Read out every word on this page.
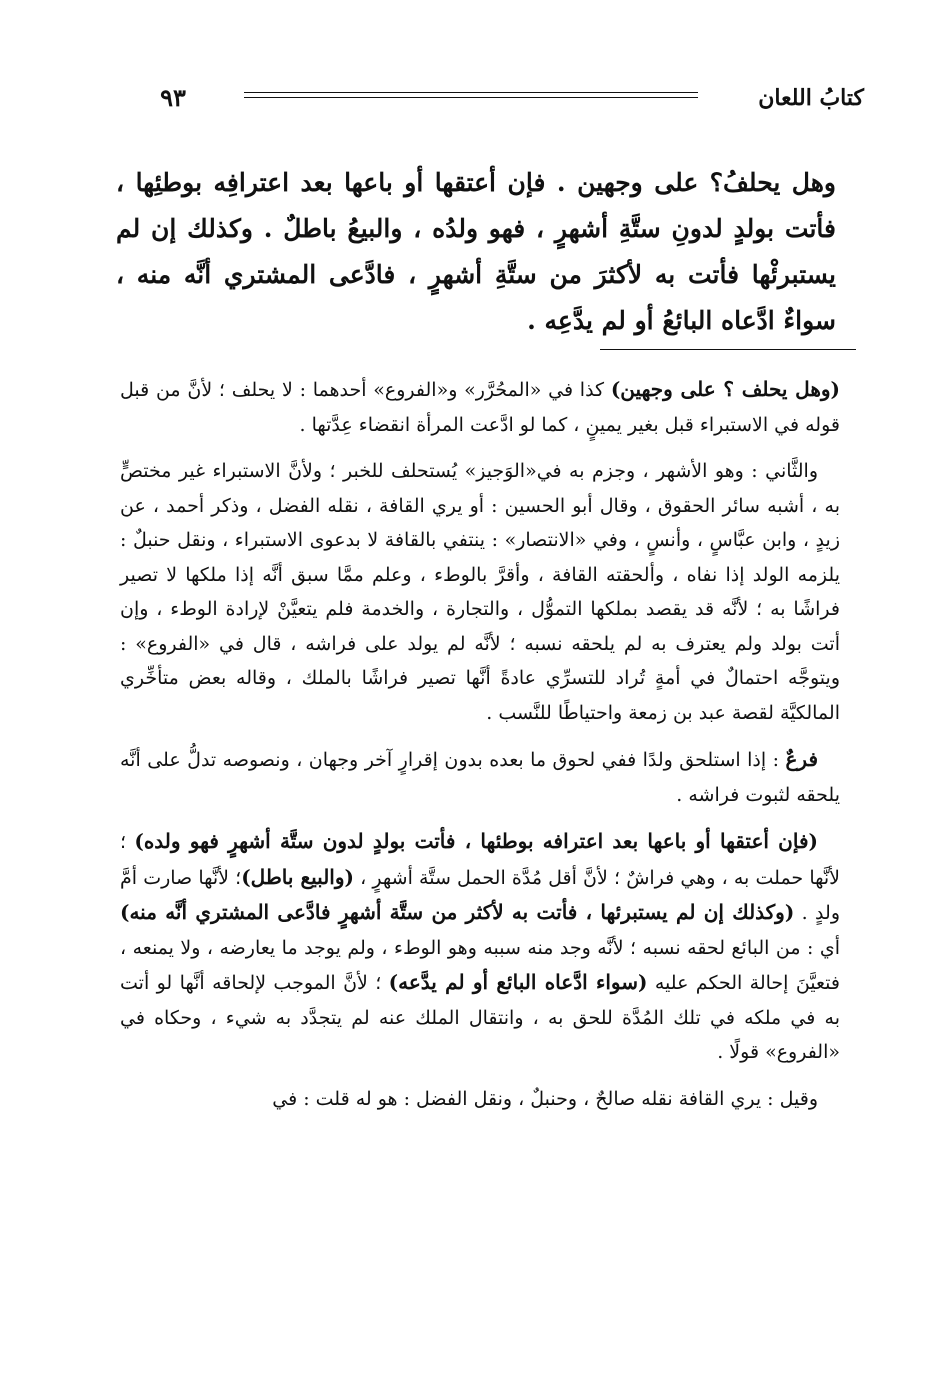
كتابُ اللعان
٩٣
وهل يحلفُ؟ على وجهين . فإن أعتقها أو باعها بعد اعترافِه بوطئِها ، فأتت بولدٍ لدونِ ستَّةِ أشهرٍ ، فهو ولدُه ، والبيعُ باطلٌ . وكذلك إن لم يستبرئْها فأتت به لأكثرَ من ستَّةِ أشهرٍ ، فادَّعى المشتري أنَّه منه ، سواءٌ ادَّعاه البائعُ أو لم يدَّعِه .

(وهل يحلف ؟ على وجهين) كذا في «المحُرَّر» و«الفروع» أحدهما : لا يحلف ؛ لأنَّ من قبل قوله في الاستبراء قبل بغير يمينٍ ، كما لو ادَّعت المرأة انقضاء عِدَّتها .

والثَّاني : وهو الأشهر ، وجزم به في«الوَجيز» يُستحلف للخبر ؛ ولأنَّ الاستبراء غير مختصٍّ به ، أشبه سائر الحقوق ، وقال أبو الحسين : أو يري القافة ، نقله الفضل ، وذكر أحمد ، عن زيدٍ ، وابن عبَّاسٍ ، وأنسٍ ، وفي «الانتصار» : ينتفي بالقافة لا بدعوى الاستبراء ، ونقل حنبلٌ : يلزمه الولد إذا نفاه ، وألحقته القافة ، وأقرَّ بالوطء ، وعلم ممَّا سبق أنَّه إذا ملكها لا تصير فراشًا به ؛ لأنَّه قد يقصد بملكها التموُّل ، والتجارة ، والخدمة فلم يتعيَّنْ لإرادة الوطء ، وإن أتت بولد ولم يعترف به لم يلحقه نسبه ؛ لأنَّه لم يولد على فراشه ، قال في «الفروع» : ويتوجَّه احتمالٌ في أمةٍ تُراد للتسرِّي عادةً أنَّها تصير فراشًا بالملك ، وقاله بعض متأخِّري المالكيَّة لقصة عبد بن زمعة واحتياطًا للنَّسب .

فرعٌ : إذا استلحق ولدًا ففي لحوق ما بعده بدون إقرارٍ آخر وجهان ، ونصوصه تدلُّ على أنَّه يلحقه لثبوت فراشه .

(فإن أعتقها أو باعها بعد اعترافه بوطئها ، فأتت بولدٍ لدون ستَّة أشهرٍ فهو ولده) ؛ لأنَّها حملت به ، وهي فراشٌ ؛ لأنَّ أقل مُدَّة الحمل ستَّة أشهرٍ ، (والبيع باطل)؛ لأنَّها صارت أمَّ ولدٍ . (وكذلك إن لم يستبرئها ، فأتت به لأكثر من ستَّة أشهرٍ فادَّعى المشتري أنَّه منه) أي : من البائع لحقه نسبه ؛ لأنَّه وجد منه سببه وهو الوطء ، ولم يوجد ما يعارضه ، ولا يمنعه ، فتعيَّنَ إحالة الحكم عليه (سواء ادَّعاه البائع أو لم يدَّعه) ؛ لأنَّ الموجب لإلحاقه أنَّها لو أتت به في ملكه في تلك المُدَّة للحق به ، وانتقال الملك عنه لم يتجدَّد به شيء ، وحكاه في «الفروع» قولًا .

وقيل : يري القافة نقله صالحٌ ، وحنبلٌ ، ونقل الفضل : هو له قلت : في
